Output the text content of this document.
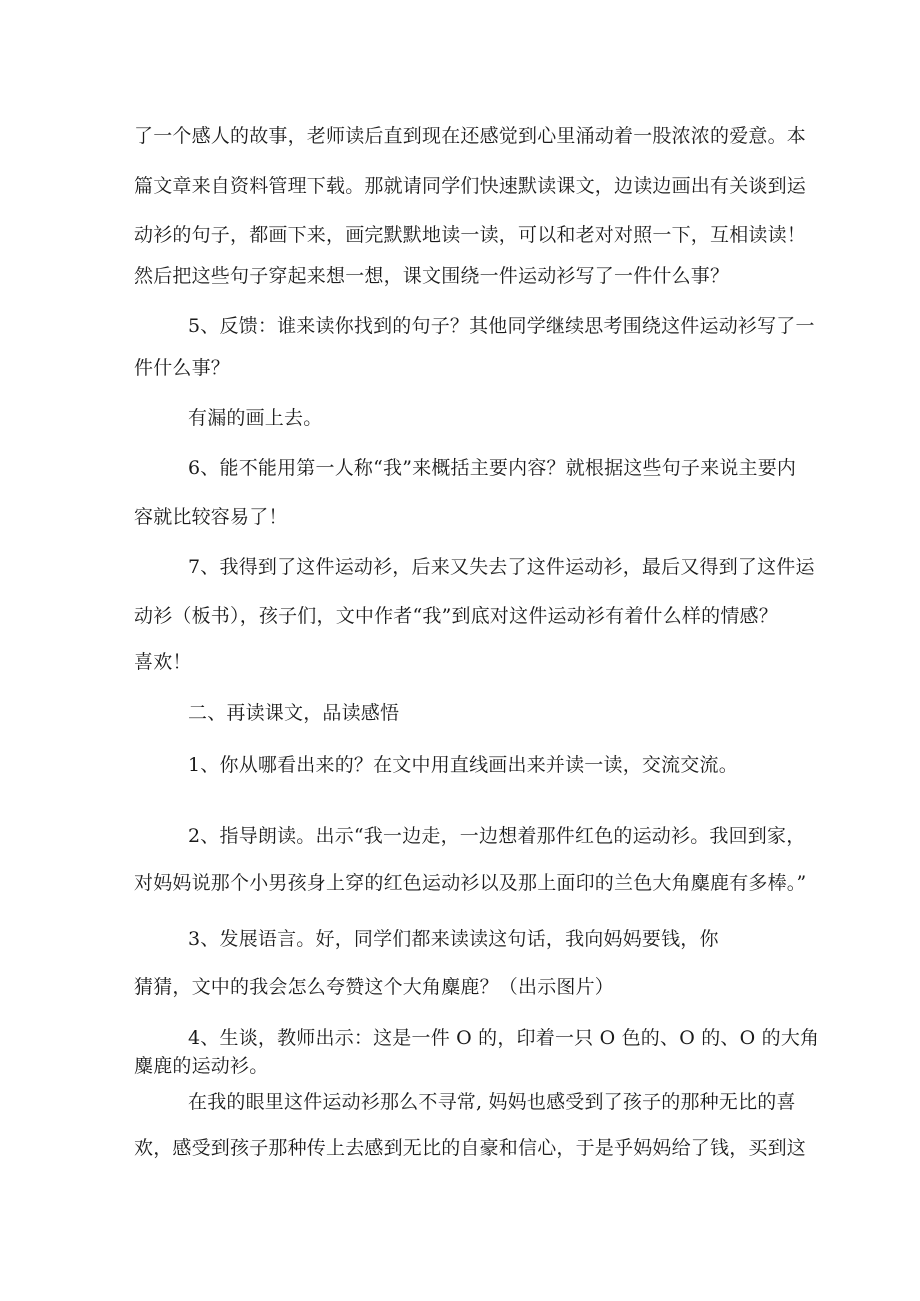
了一个感人的故事，老师读后直到现在还感觉到心里涌动着一股浓浓的爱意。本
篇文章来自资料管理下载。那就请同学们快速默读课文，边读边画出有关谈到运
动衫的句子，都画下来，画完默默地读一读，可以和老对对照一下，互相读读！
然后把这些句子穿起来想一想，课文围绕一件运动衫写了一件什么事？
5、反馈：谁来读你找到的句子？其他同学继续思考围绕这件运动衫写了一
件什么事？
有漏的画上去。
6、能不能用第一人称“我”来概括主要内容？就根据这些句子来说主要内
容就比较容易了！
7、我得到了这件运动衫，后来又失去了这件运动衫，最后又得到了这件运
动衫（板书），孩子们，文中作者“我”到底对这件运动衫有着什么样的情感？
喜欢！
二、再读课文，品读感悟
1、你从哪看出来的？在文中用直线画出来并读一读，交流交流。
2、指导朗读。出示“我一边走，一边想着那件红色的运动衫。我回到家，
对妈妈说那个小男孩身上穿的红色运动衫以及那上面印的兰色大角麋鹿有多棒。”
3、发展语言。好，同学们都来读读这句话，我向妈妈要钱，你
猜猜，文中的我会怎么夸赞这个大角麋鹿？（出示图片）
4、生谈，教师出示：这是一件 O 的，印着一只 O 色的、O 的、O 的大角
麋鹿的运动衫。
在我的眼里这件运动衫那么不寻常, 妈妈也感受到了孩子的那种无比的喜
欢，感受到孩子那种传上去感到无比的自豪和信心，于是乎妈妈给了钱，买到这
